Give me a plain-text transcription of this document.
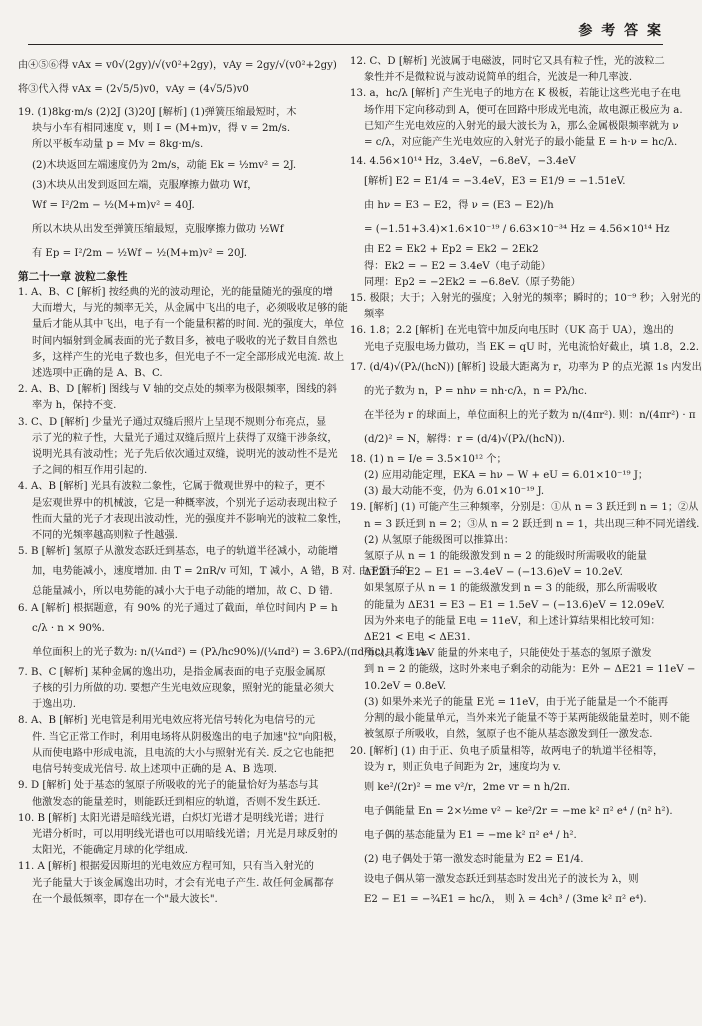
参 考 答 案
由④⑤⑥得 vAx = v0√(2gy)/√(v0²+2gy)，vAy = 2gy/√(v0²+2gy)
将③代入得 vAx = (2√5/5)v0，vAy = (4√5/5)v0
19. (1)8kg·m/s (2)2J (3)20J [解析] (1)弹簧压缩最短时，木
块与小车有相同速度 v，则 I = (M+m)v，得 v = 2m/s.
所以平板车动量 p = Mv = 8kg·m/s.
(2)木块返回左端速度仍为 2m/s，动能 Ek = ½mv² = 2J.
(3)木块从出发到返回左端，克服摩擦力做功 Wf，
Wf = I²/2m − ½(M+m)v² = 40J.
所以木块从出发至弹簧压缩最短，克服摩擦力做功 ½Wf
有 Ep = I²/2m − ½Wf − ½(M+m)v² = 20J.
第二十一章 波粒二象性
1. A、B、C [解析] 按经典的光的波动理论，光的能量随光的强度的增
大而增大，与光的频率无关，从金属中飞出的电子，必须吸收足够的能
量后才能从其中飞出，电子有一个能量积蓄的时间. 光的强度大，单位
时间内辐射到金属表面的光子数目多，被电子吸收的光子数目自然也
多，这样产生的光电子数也多，但光电子不一定全部形成光电流. 故上
述选项中正确的是 A、B、C.
2. A、B、D [解析] 图线与 V 轴的交点处的频率为极限频率，图线的斜
率为 h，保持不变.
3. C、D [解析] 少量光子通过双缝后照片上呈现不规则分布亮点，显
示了光的粒子性，大量光子通过双缝后照片上获得了双缝干涉条纹，
说明光具有波动性；光子先后依次通过双缝，说明光的波动性不是光
子之间的相互作用引起的.
4. A、B [解析] 光具有波粒二象性，它属于微观世界中的粒子，更不
是宏观世界中的机械波，它是一种概率波，个别光子运动表现出粒子
性而大量的光子才表现出波动性，光的强度并不影响光的波粒二象性，
不同的光频率越高则粒子性越强.
5. B [解析] 氢原子从激发态跃迁到基态，电子的轨道半径减小，动能增
加，电势能减小，速度增加. 由 T = 2πR/v 可知，T 减小，A 错，B 对. 由于原子的
总能量减小，所以电势能的减小大于电子动能的增加，故 C、D 错.
6. A [解析] 根据题意，有 90% 的光子通过了截面，单位时间内 P = h
c/λ · n × 90%.
单位面积上的光子数为: n/(¼πd²) = (Pλ/hc90%)/(¼πd²) = 3.6Pλ/(πd²hc)，故选 A.
7. B、C [解析] 某种金属的逸出功，是指金属表面的电子克服金属原
子核的引力所做的功. 要想产生光电效应现象，照射光的能量必须大
于逸出功.
8. A、B [解析] 光电管是利用光电效应将光信号转化为电信号的元
件. 当它正常工作时，利用电场将从阴极逸出的电子加速"拉"向阳极，
从而使电路中形成电流，且电流的大小与照射光有关. 反之它也能把
电信号转变成光信号. 故上述项中正确的是 A、B 选项.
9. D [解析] 处于基态的氢原子所吸收的光子的能量恰好为基态与其
他激发态的能量差时，则能跃迁到相应的轨道，否则不发生跃迁.
10. B [解析] 太阳光谱是暗线光谱，白炽灯光谱才是明线光谱；进行
光谱分析时，可以用明线光谱也可以用暗线光谱；月光是月球反射的
太阳光，不能确定月球的化学组成.
11. A [解析] 根据爱因斯坦的光电效应方程可知，只有当入射光的
光子能量大于该金属逸出功时，才会有光电子产生. 故任何金属都存
在一个最低频率，即存在一个"最大波长".
12. C、D [解析] 光波属于电磁波，同时它又具有粒子性，光的波粒二
象性并不是微粒说与波动说简单的组合，光波是一种几率波.
13. a，hc/λ [解析] 产生光电子的地方在 K 极板，若能让这些光电子在电
场作用下定向移动到 A，便可在回路中形成光电流，故电源正极应为 a.
已知产生光电效应的入射光的最大波长为 λ，那么金属极限频率就为 ν
= c/λ，对应能产生光电效应的入射光子的最小能量 E = h·ν = hc/λ.
14. 4.56×10¹⁴ Hz，3.4eV，−6.8eV，−3.4eV
[解析] E2 = E1/4 = −3.4eV，E3 = E1/9 = −1.51eV.
由 hν = E3 − E2，得 ν = (E3 − E2)/h
= (−1.51+3.4)×1.6×10⁻¹⁹ / 6.63×10⁻³⁴ Hz = 4.56×10¹⁴ Hz
由 E2 = Ek2 + Ep2 = Ek2 − 2Ek2
得：Ek2 = − E2 = 3.4eV（电子动能）
同理：Ep2 = −2Ek2 = −6.8eV.（原子势能）
15. 极限；大于；入射光的强度；入射光的频率；瞬时的；10⁻⁹ 秒；入射光的
频率
16. 1.8；2.2 [解析] 在光电管中加反向电压时（UK 高于 UA），逸出的
光电子克服电场力做功，当 EK = qU 时，光电流恰好截止，填 1.8，2.2.
17. (d/4)√(Pλ/(hcN)) [解析] 设最大距离为 r，功率为 P 的点光源 1s 内发出
的光子数为 n，P = nhν = nh·c/λ，n = Pλ/hc.
在半径为 r 的球面上，单位面积上的光子数为 n/(4πr²). 则：n/(4πr²) · π
(d/2)² = N，解得：r = (d/4)√(Pλ/(hcN)).
18. (1) n = I/e = 3.5×10¹² 个；
(2) 应用动能定理，EKA = hν − W + eU = 6.01×10⁻¹⁹ J；
(3) 最大动能不变，仍为 6.01×10⁻¹⁹ J.
19. [解析] (1) 可能产生三种频率，分别是：①从 n = 3 跃迁到 n = 1；②从
n = 3 跃迁到 n = 2；③从 n = 2 跃迁到 n = 1，共出现三种不同光谱线.
(2) 从氢原子能级图可以推算出：
氢原子从 n = 1 的能级激发到 n = 2 的能级时所需吸收的能量
ΔE21 = E2 − E1 = −3.4eV − (−13.6)eV = 10.2eV.
如果氢原子从 n = 1 的能级激发到 n = 3 的能级，那么所需吸收
的能量为 ΔE31 = E3 − E1 = 1.5eV − (−13.6)eV = 12.09eV.
因为外来电子的能量 E电 = 11eV，和上述计算结果相比较可知：
ΔE21 < E电 < ΔE31.
所以具有 11eV 能量的外来电子，只能使处于基态的氢原子激发
到 n = 2 的能级，这时外来电子剩余的动能为：E外 − ΔE21 = 11eV −
10.2eV = 0.8eV.
(3) 如果外来光子的能量 E光 = 11eV，由于光子能量是一个不能再
分割的最小能量单元，当外来光子能量不等于某两能级能量差时，则不能
被氢原子所吸收，自然，氢原子也不能从基态激发到任一激发态.
20. [解析] (1) 由于正、负电子质量相等，故两电子的轨道半径相等，
设为 r，则正负电子间距为 2r，速度均为 v.
则 ke²/(2r)² = me v²/r，2me vr = n h/2π.
电子偶能量 En = 2×½me v² − ke²/2r = −me k² π² e⁴ / (n² h²).
电子偶的基态能量为 E1 = −me k² π² e⁴ / h².
(2) 电子偶处于第一激发态时能量为 E2 = E1/4.
设电子偶从第一激发态跃迁到基态时发出光子的波长为 λ，则
E2 − E1 = −¾E1 = hc/λ， 则 λ = 4ch³ / (3me k² π² e⁴).
